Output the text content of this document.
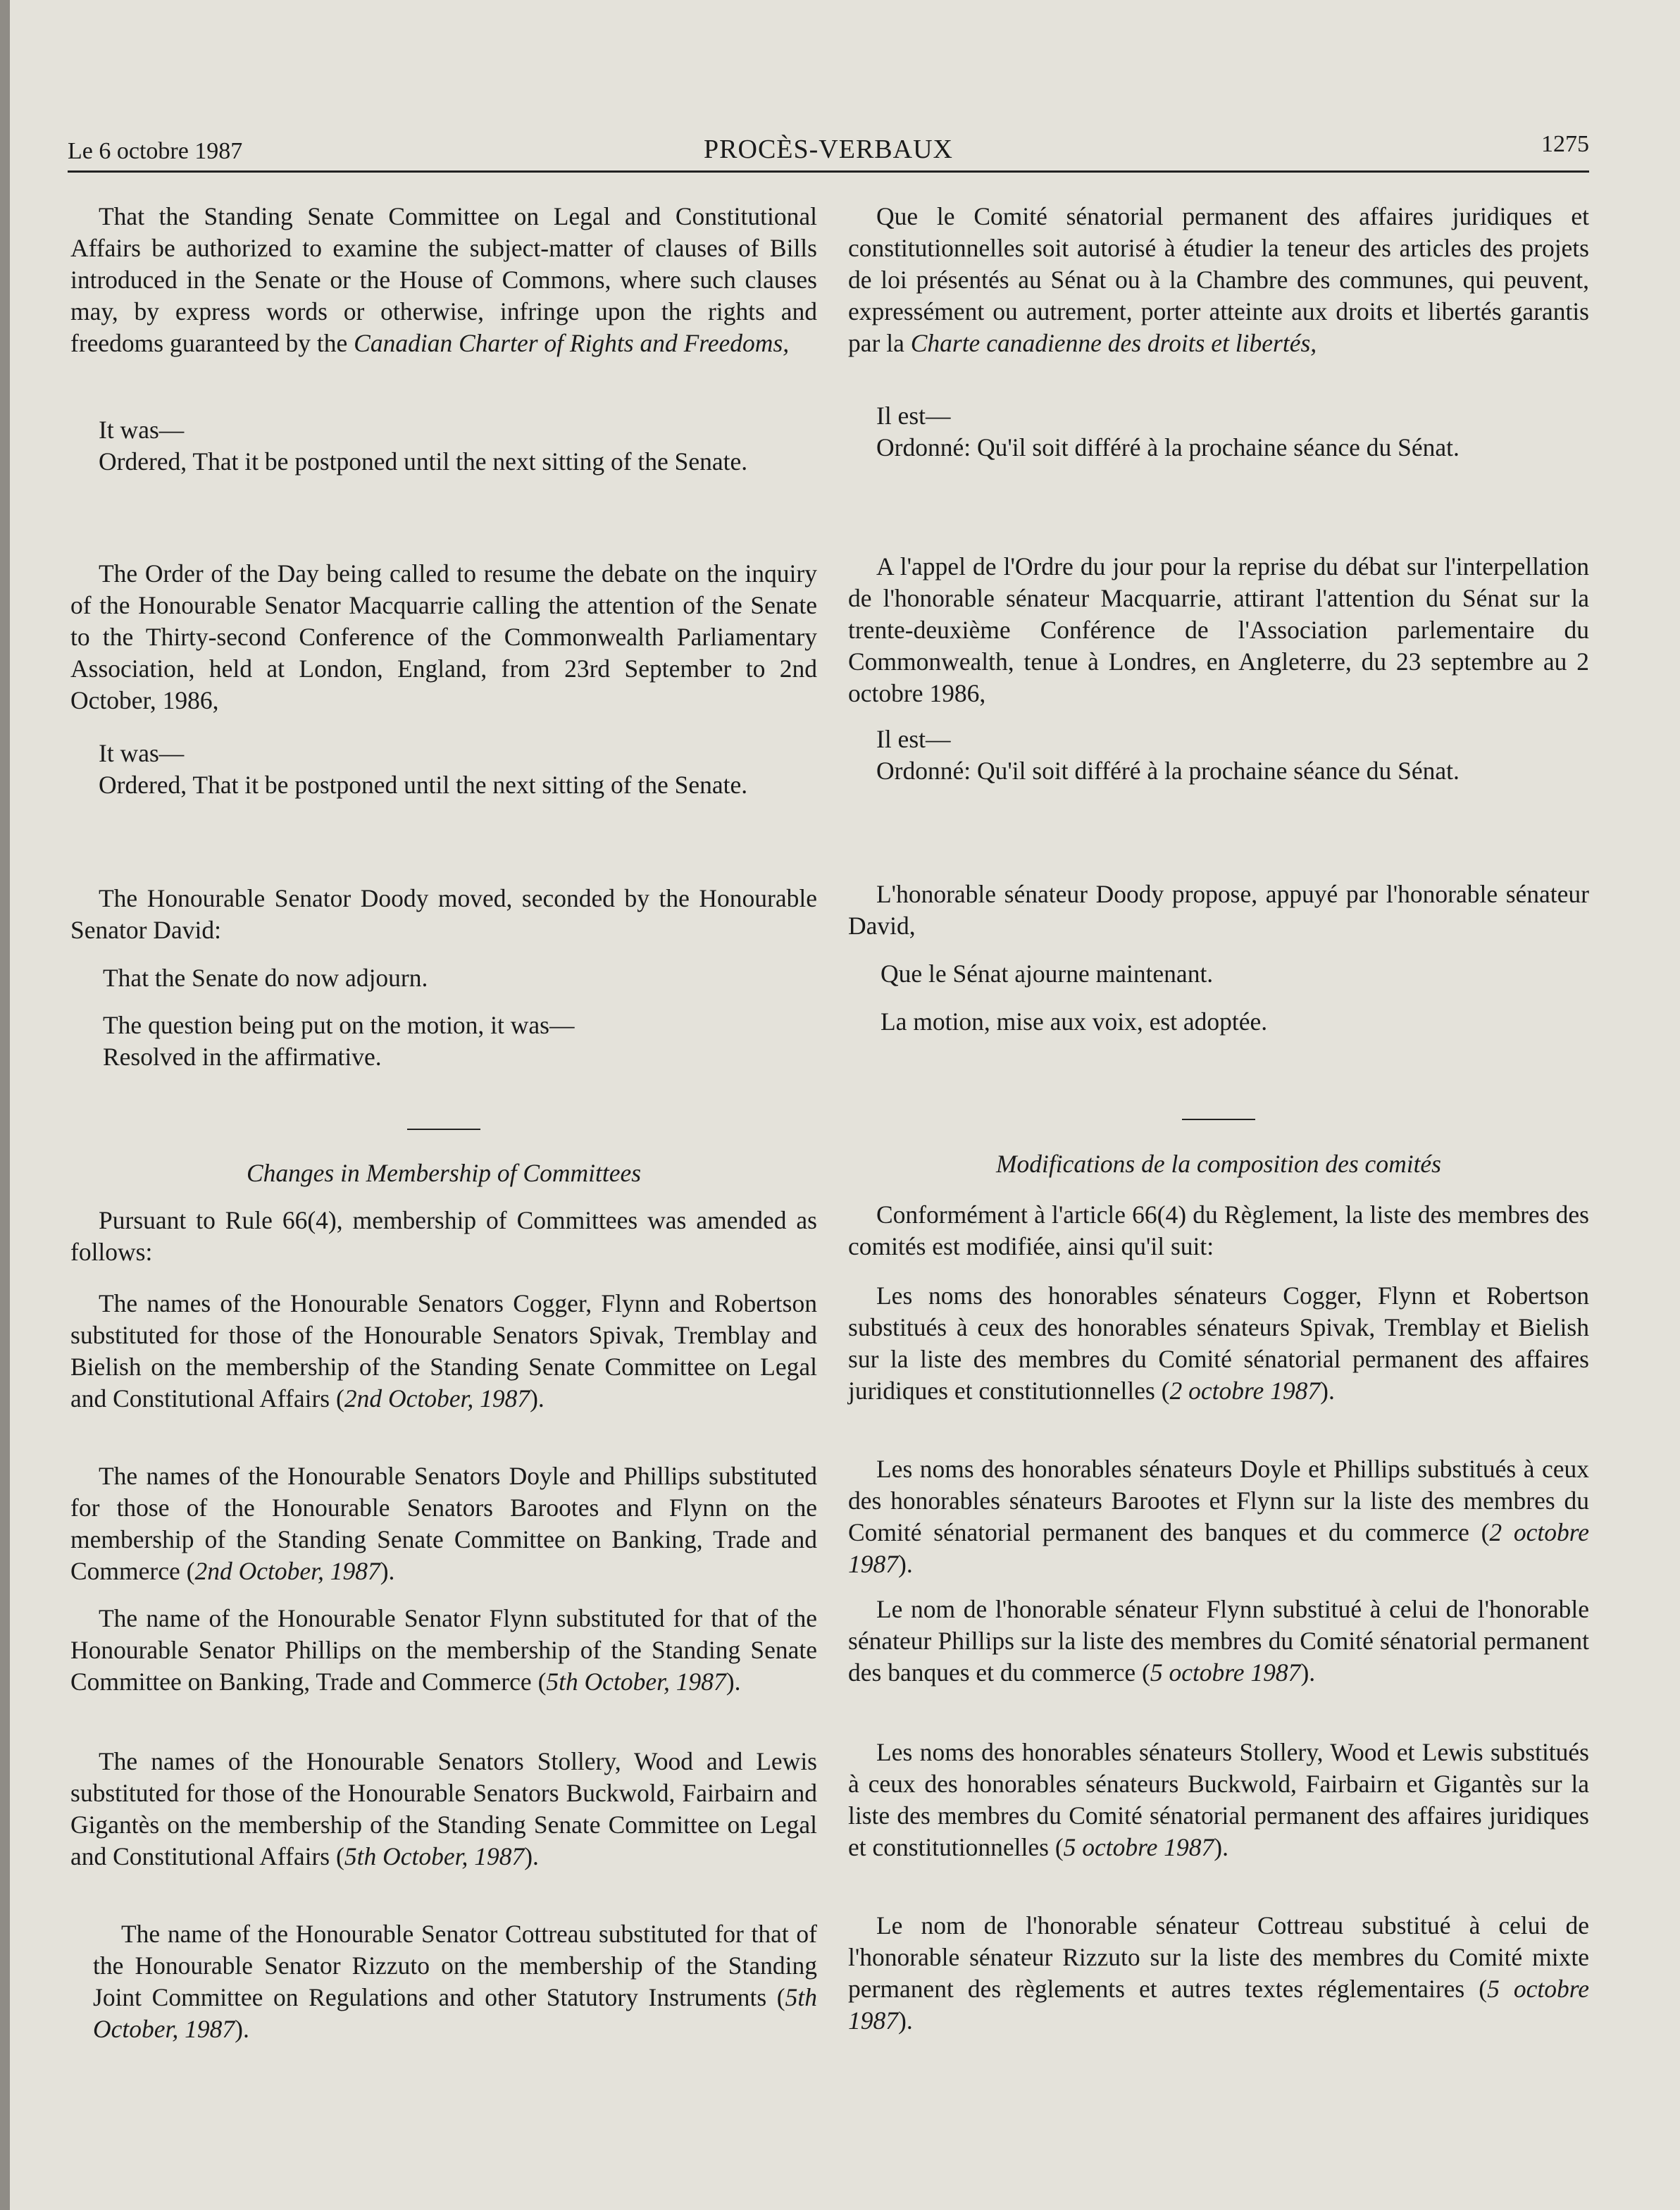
Le 6 octobre 1987	PROCÈS-VERBAUX	1275

That the Standing Senate Committee on Legal and Constitutional Affairs be authorized to examine the subject-matter of clauses of Bills introduced in the Senate or the House of Commons, where such clauses may, by express words or otherwise, infringe upon the rights and freedoms guaranteed by the Canadian Charter of Rights and Freedoms,

It was—

Ordered, That it be postponed until the next sitting of the Senate.

The Order of the Day being called to resume the debate on the inquiry of the Honourable Senator Macquarrie calling the attention of the Senate to the Thirty-second Conference of the Commonwealth Parliamentary Association, held at London, England, from 23rd September to 2nd October, 1986,

It was—

Ordered, That it be postponed until the next sitting of the Senate.

The Honourable Senator Doody moved, seconded by the Honourable Senator David:

That the Senate do now adjourn.

The question being put on the motion, it was—

Resolved in the affirmative.

Changes in Membership of Committees

Pursuant to Rule 66(4), membership of Committees was amended as follows:

The names of the Honourable Senators Cogger, Flynn and Robertson substituted for those of the Honourable Senators Spivak, Tremblay and Bielish on the membership of the Standing Senate Committee on Legal and Constitutional Affairs (2nd October, 1987).

The names of the Honourable Senators Doyle and Phillips substituted for those of the Honourable Senators Barootes and Flynn on the membership of the Standing Senate Committee on Banking, Trade and Commerce (2nd October, 1987).

The name of the Honourable Senator Flynn substituted for that of the Honourable Senator Phillips on the membership of the Standing Senate Committee on Banking, Trade and Commerce (5th October, 1987).

The names of the Honourable Senators Stollery, Wood and Lewis substituted for those of the Honourable Senators Buckwold, Fairbairn and Gigantès on the membership of the Standing Senate Committee on Legal and Constitutional Affairs (5th October, 1987).

The name of the Honourable Senator Cottreau substituted for that of the Honourable Senator Rizzuto on the membership of the Standing Joint Committee on Regulations and other Statutory Instruments (5th October, 1987).

Que le Comité sénatorial permanent des affaires juridiques et constitutionnelles soit autorisé à étudier la teneur des articles des projets de loi présentés au Sénat ou à la Chambre des communes, qui peuvent, expressément ou autrement, porter atteinte aux droits et libertés garantis par la Charte canadienne des droits et libertés,

Il est—

Ordonné: Qu'il soit différé à la prochaine séance du Sénat.

A l'appel de l'Ordre du jour pour la reprise du débat sur l'interpellation de l'honorable sénateur Macquarrie, attirant l'attention du Sénat sur la trente-deuxième Conférence de l'Association parlementaire du Commonwealth, tenue à Londres, en Angleterre, du 23 septembre au 2 octobre 1986,

Il est—

Ordonné: Qu'il soit différé à la prochaine séance du Sénat.

L'honorable sénateur Doody propose, appuyé par l'honorable sénateur David,

Que le Sénat ajourne maintenant.

La motion, mise aux voix, est adoptée.

Modifications de la composition des comités

Conformément à l'article 66(4) du Règlement, la liste des membres des comités est modifiée, ainsi qu'il suit:

Les noms des honorables sénateurs Cogger, Flynn et Robertson substitués à ceux des honorables sénateurs Spivak, Tremblay et Bielish sur la liste des membres du Comité sénatorial permanent des affaires juridiques et constitutionnelles (2 octobre 1987).

Les noms des honorables sénateurs Doyle et Phillips substitués à ceux des honorables sénateurs Barootes et Flynn sur la liste des membres du Comité sénatorial permanent des banques et du commerce (2 octobre 1987).

Le nom de l'honorable sénateur Flynn substitué à celui de l'honorable sénateur Phillips sur la liste des membres du Comité sénatorial permanent des banques et du commerce (5 octobre 1987).

Les noms des honorables sénateurs Stollery, Wood et Lewis substitués à ceux des honorables sénateurs Buckwold, Fairbairn et Gigantès sur la liste des membres du Comité sénatorial permanent des affaires juridiques et constitutionnelles (5 octobre 1987).

Le nom de l'honorable sénateur Cottreau substitué à celui de l'honorable sénateur Rizzuto sur la liste des membres du Comité mixte permanent des règlements et autres textes réglementaires (5 octobre 1987).
